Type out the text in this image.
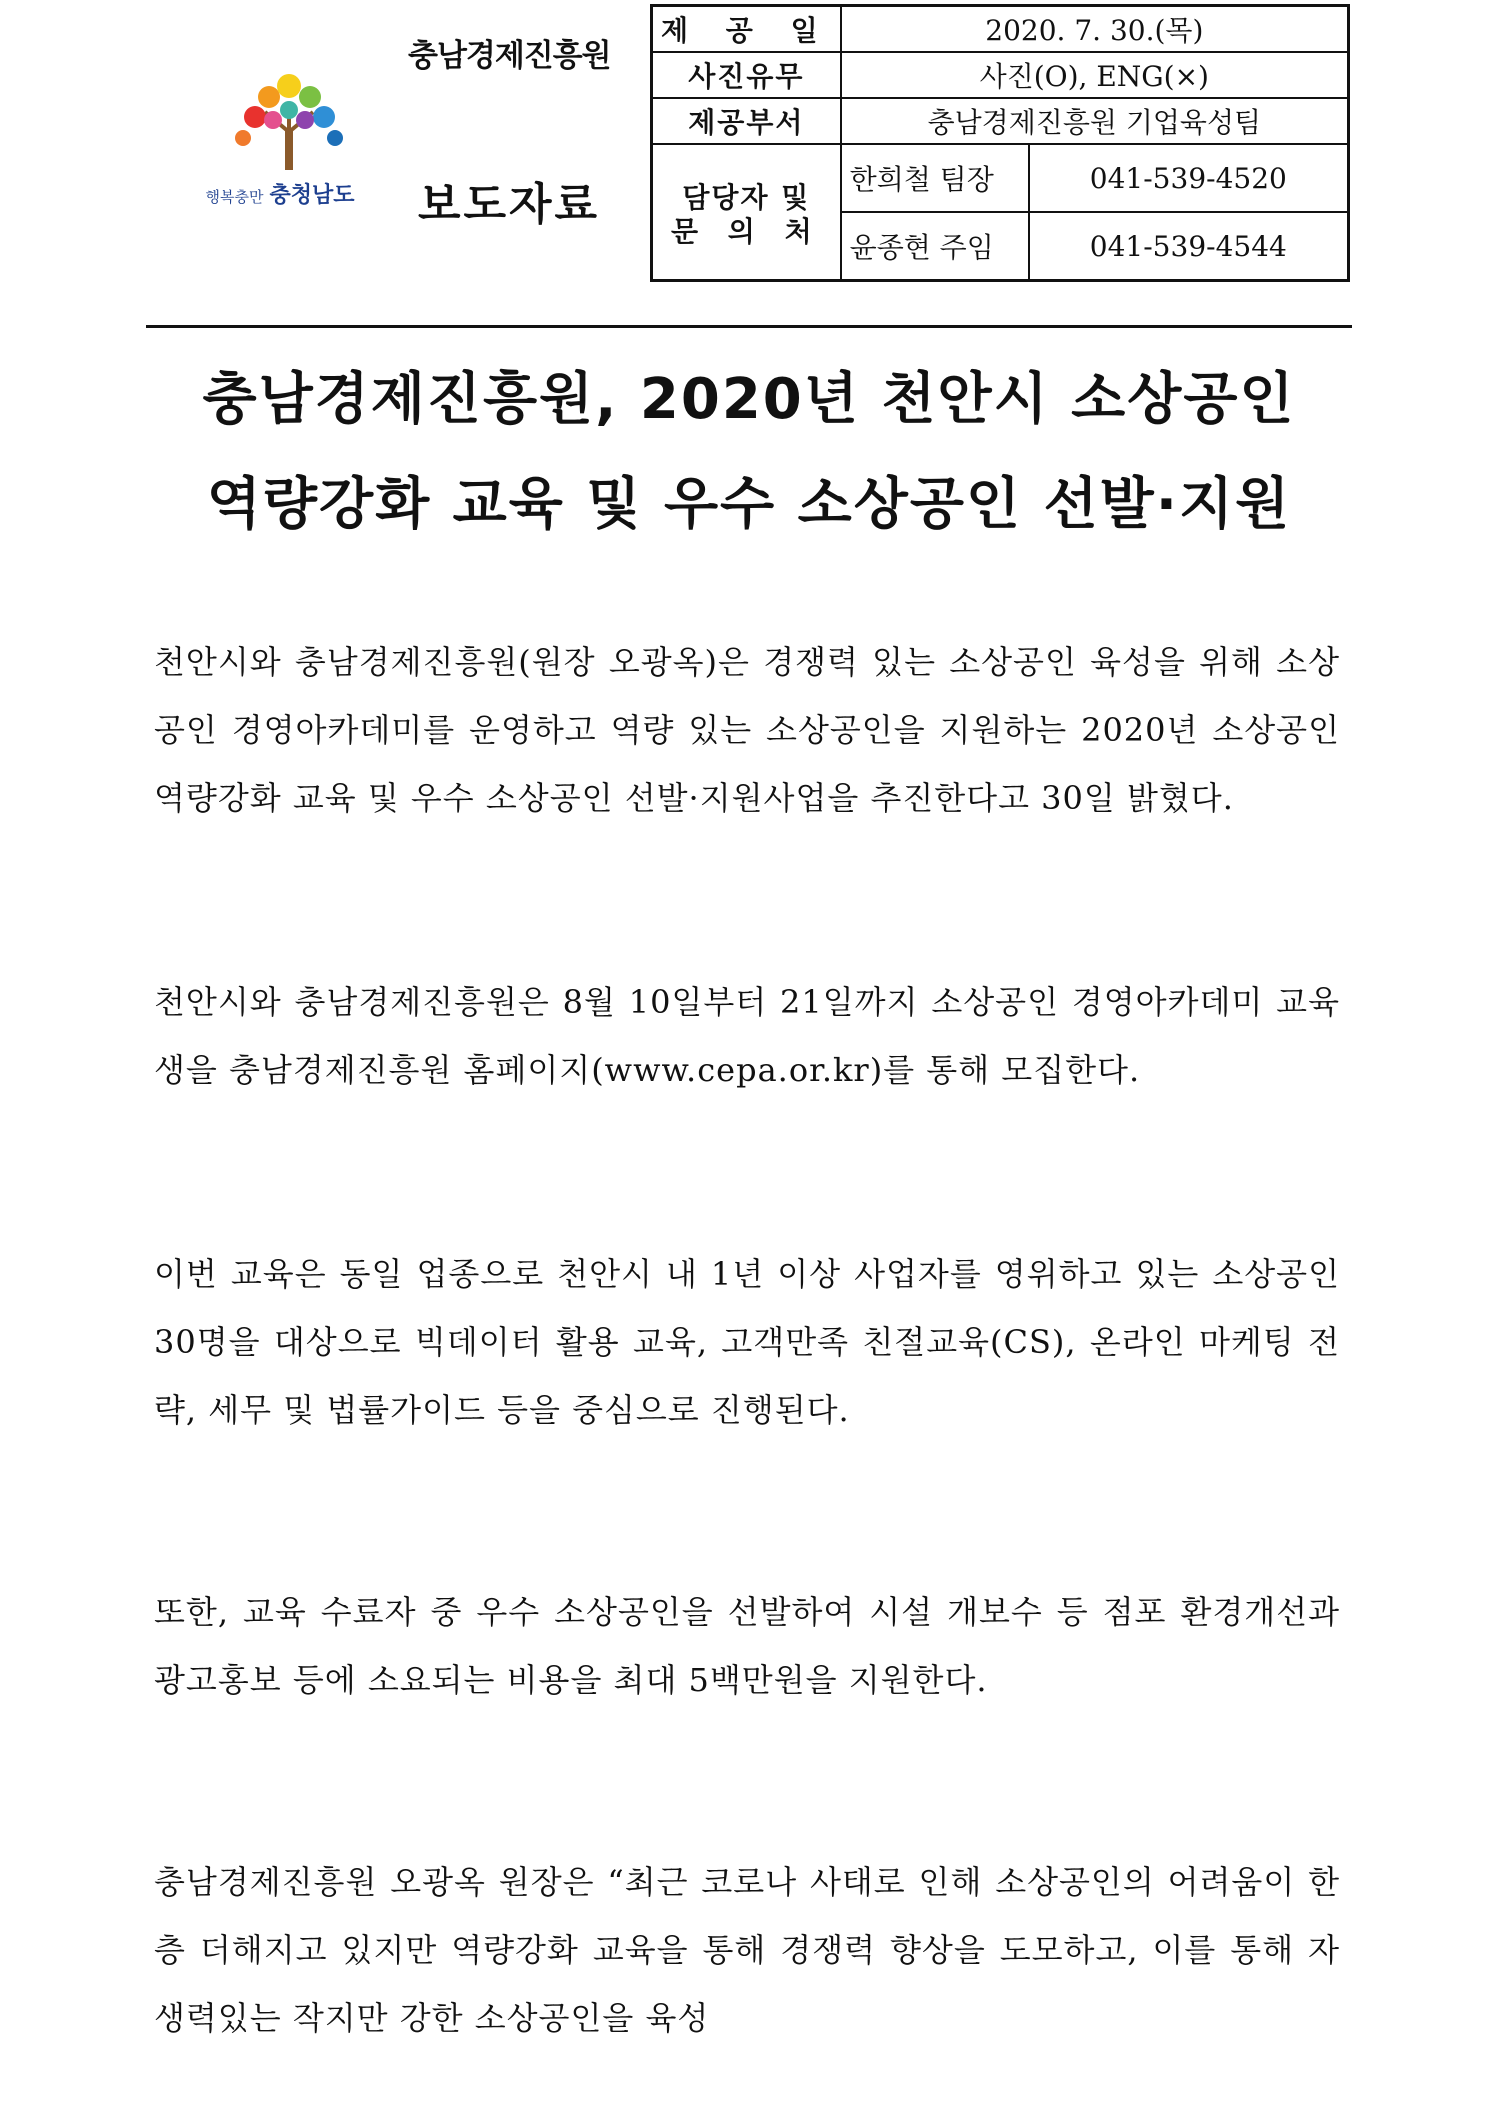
행복충만 충청남도
충남경제진흥원
보도자료
제 공 일	2020. 7. 30.(목)	
사진유무	사진(O), ENG(×)	
제공부서	충남경제진흥원 기업육성팀	

담당자 및
문 의 처	한희철 팀장	041-539-4520
	윤종현 주임	041-539-4544
충남경제진흥원, 2020년 천안시 소상공인
역량강화 교육 및 우수 소상공인 선발·지원

천안시와 충남경제진흥원(원장 오광옥)은 경쟁력 있는 소상공인 육성을 위해 소상공인 경영아카데미를 운영하고 역량 있는 소상공인을 지원하는 2020년 소상공인 역량강화 교육 및 우수 소상공인 선발·지원사업을 추진한다고 30일 밝혔다.

천안시와 충남경제진흥원은 8월 10일부터 21일까지 소상공인 경영아카데미 교육생을 충남경제진흥원 홈페이지(www.cepa.or.kr)를 통해 모집한다.

이번 교육은 동일 업종으로 천안시 내 1년 이상 사업자를 영위하고 있는 소상공인 30명을 대상으로 빅데이터 활용 교육, 고객만족 친절교육(CS), 온라인 마케팅 전략, 세무 및 법률가이드 등을 중심으로 진행된다.

또한, 교육 수료자 중 우수 소상공인을 선발하여 시설 개보수 등 점포 환경개선과 광고홍보 등에 소요되는 비용을 최대 5백만원을 지원한다.

충남경제진흥원 오광옥 원장은 “최근 코로나 사태로 인해 소상공인의 어려움이 한층 더해지고 있지만 역량강화 교육을 통해 경쟁력 향상을 도모하고, 이를 통해 자생력있는 작지만 강한 소상공인을 육성
